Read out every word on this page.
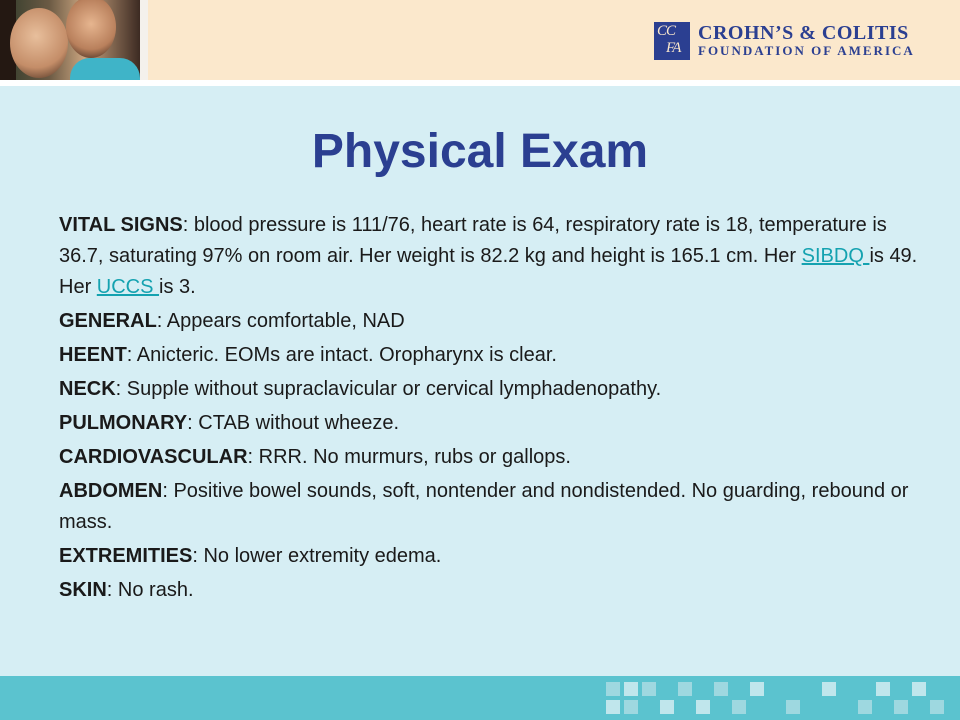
CC
FA
CROHN’S & COLITIS
FOUNDATION OF AMERICA
Physical Exam

VITAL SIGNS: blood pressure is 111/76, heart rate is 64, respiratory rate is 18, temperature is 36.7, saturating 97% on room air. Her weight is 82.2 kg and height is 165.1 cm. Her SIBDQ is 49. Her UCCS is 3.

GENERAL: Appears comfortable, NAD

HEENT: Anicteric. EOMs are intact. Oropharynx is clear.

NECK: Supple without supraclavicular or cervical lymphadenopathy.

PULMONARY: CTAB without wheeze.

CARDIOVASCULAR: RRR. No murmurs, rubs or gallops.

ABDOMEN: Positive bowel sounds, soft, nontender and nondistended. No guarding, rebound or mass.

EXTREMITIES: No lower extremity edema.

SKIN: No rash.
